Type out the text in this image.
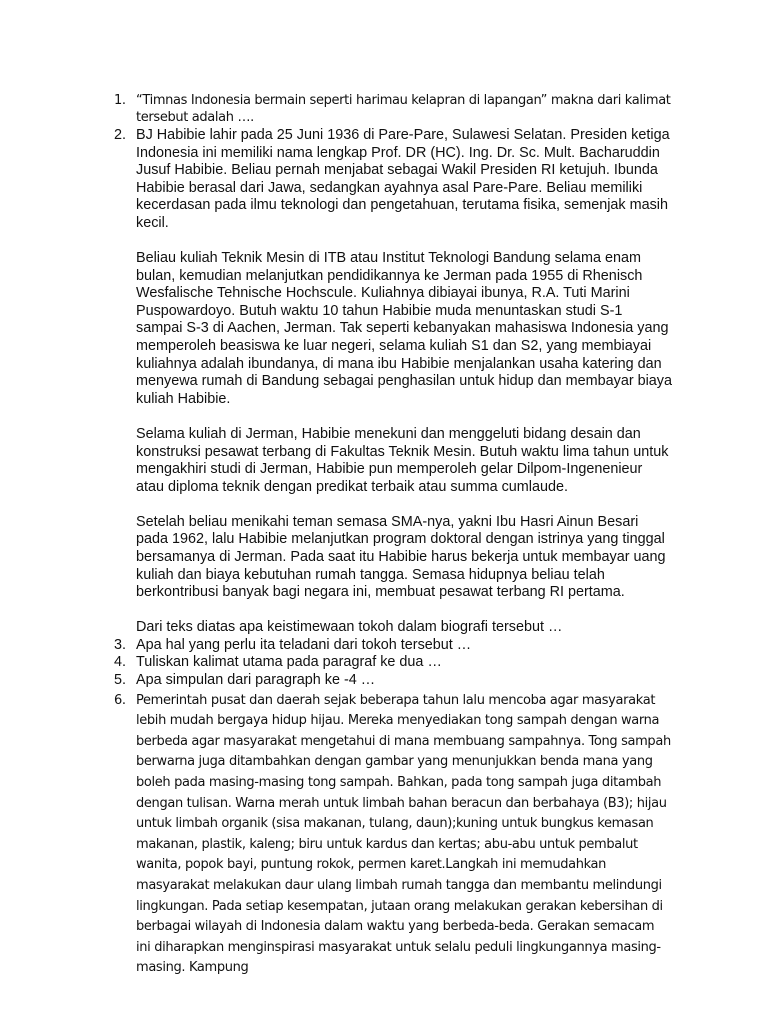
1. “Timnas Indonesia bermain seperti harimau kelapran di lapangan” makna dari kalimat tersebut adalah ….
2. BJ Habibie lahir pada 25 Juni 1936 di Pare-Pare, Sulawesi Selatan. Presiden ketiga Indonesia ini memiliki nama lengkap Prof. DR (HC). Ing. Dr. Sc. Mult. Bacharuddin Jusuf Habibie. Beliau pernah menjabat sebagai Wakil Presiden RI ketujuh. Ibunda Habibie berasal dari Jawa, sedangkan ayahnya asal Pare-Pare. Beliau memiliki kecerdasan pada ilmu teknologi dan pengetahuan, terutama fisika, semenjak masih kecil.

Beliau kuliah Teknik Mesin di ITB atau Institut Teknologi Bandung selama enam bulan, kemudian melanjutkan pendidikannya ke Jerman pada 1955 di Rhenisch Wesfalische Tehnische Hochscule. Kuliahnya dibiayai ibunya, R.A. Tuti Marini Puspowardoyo. Butuh waktu 10 tahun Habibie muda menuntaskan studi S-1 sampai S-3 di Aachen, Jerman. Tak seperti kebanyakan mahasiswa Indonesia yang memperoleh beasiswa ke luar negeri, selama kuliah S1 dan S2, yang membiayai kuliahnya adalah ibundanya, di mana ibu Habibie menjalankan usaha katering dan menyewa rumah di Bandung sebagai penghasilan untuk hidup dan membayar biaya kuliah Habibie.

Selama kuliah di Jerman, Habibie menekuni dan menggeluti bidang desain dan konstruksi pesawat terbang di Fakultas Teknik Mesin. Butuh waktu lima tahun untuk mengakhiri studi di Jerman, Habibie pun memperoleh gelar Dilpom-Ingenenieur atau diploma teknik dengan predikat terbaik atau summa cumlaude.

Setelah beliau menikahi teman semasa SMA-nya, yakni Ibu Hasri Ainun Besari pada 1962, lalu Habibie melanjutkan program doktoral dengan istrinya yang tinggal bersamanya di Jerman. Pada saat itu Habibie harus bekerja untuk membayar uang kuliah dan biaya kebutuhan rumah tangga. Semasa hidupnya beliau telah berkontribusi banyak bagi negara ini, membuat pesawat terbang RI pertama.

Dari teks diatas apa keistimewaan tokoh dalam biografi tersebut …

3. Apa hal yang perlu ita teladani dari tokoh tersebut …
4. Tuliskan kalimat utama pada paragraf ke dua …
5. Apa simpulan dari paragraph ke -4 …
6. Pemerintah pusat dan daerah sejak beberapa tahun lalu mencoba agar masyarakat lebih mudah bergaya hidup hijau. Mereka menyediakan tong sampah dengan warna berbeda agar masyarakat mengetahui di mana membuang sampahnya. Tong sampah berwarna juga ditambahkan dengan gambar yang menunjukkan benda mana yang boleh pada masing-masing tong sampah. Bahkan, pada tong sampah juga ditambah dengan tulisan. Warna merah untuk limbah bahan beracun dan berbahaya (B3); hijau untuk limbah organik (sisa makanan, tulang, daun);kuning untuk bungkus kemasan makanan, plastik, kaleng; biru untuk kardus dan kertas; abu-abu untuk pembalut wanita, popok bayi, puntung rokok, permen karet.Langkah ini memudahkan masyarakat melakukan daur ulang limbah rumah tangga dan membantu melindungi lingkungan. Pada setiap kesempatan, jutaan orang melakukan gerakan kebersihan di berbagai wilayah di Indonesia dalam waktu yang berbeda-beda. Gerakan semacam ini diharapkan menginspirasi masyarakat untuk selalu peduli lingkungannya masing-masing. Kampung
